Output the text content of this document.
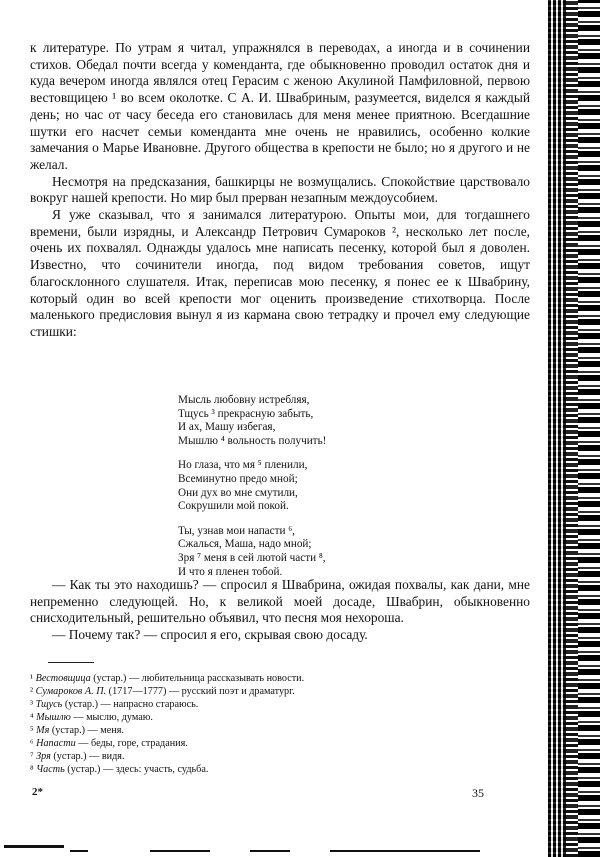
к литературе. По утрам я читал, упражнялся в переводах, а иногда и в сочинении стихов. Обедал почти всегда у коменданта, где обыкновенно проводил остаток дня и куда вечером иногда являлся отец Герасим с женою Акулиной Памфиловной, первою вестовщицею ¹ во всем околотке. С А. И. Швабриным, разумеется, виделся я каждый день; но час от часу беседа его становилась для меня менее приятною. Всегдашние шутки его насчет семьи коменданта мне очень не нравились, особенно колкие замечания о Марье Ивановне. Другого общества в крепости не было; но я другого и не желал.

Несмотря на предсказания, башкирцы не возмущались. Спокойствие царствовало вокруг нашей крепости. Но мир был прерван незапным междоусобием.

Я уже сказывал, что я занимался литературою. Опыты мои, для тогдашнего времени, были изрядны, и Александр Петрович Сумароков ², несколько лет после, очень их похвалял. Однажды удалось мне написать песенку, которой был я доволен. Известно, что сочинители иногда, под видом требования советов, ищут благосклонного слушателя. Итак, переписав мою песенку, я понес ее к Швабрину, который один во всей крепости мог оценить произведение стихотворца. После маленького предисловия вынул я из кармана свою тетрадку и прочел ему следующие стишки:

Мысль любовну истребляя,
Тщусь ³ прекрасную забыть,
И ах, Машу избегая,
Мышлю ⁴ вольность получить!
Но глаза, что мя ⁵ пленили,
Всеминутно предо мной;
Они дух во мне смутили,
Сокрушили мой покой.
Ты, узнав мои напасти ⁶,
Сжалься, Маша, надо мной;
Зря ⁷ меня в сей лютой части ⁸,
И что я пленен тобой.

— Как ты это находишь? — спросил я Швабрина, ожидая похвалы, как дани, мне непременно следующей. Но, к великой моей досаде, Швабрин, обыкновенно снисходительный, решительно объявил, что песня моя нехороша.

— Почему так? — спросил я его, скрывая свою досаду.

¹ Вестовщица (устар.) — любительница рассказывать новости.
² Сумароков А. П. (1717—1777) — русский поэт и драматург.
³ Тщусь (устар.) — напрасно стараюсь.
⁴ Мышлю — мыслю, думаю.
⁵ Мя (устар.) — меня.
⁶ Напасти — беды, горе, страдания.
⁷ Зря (устар.) — видя.
⁸ Часть (устар.) — здесь: участь, судьба.
2*	35
